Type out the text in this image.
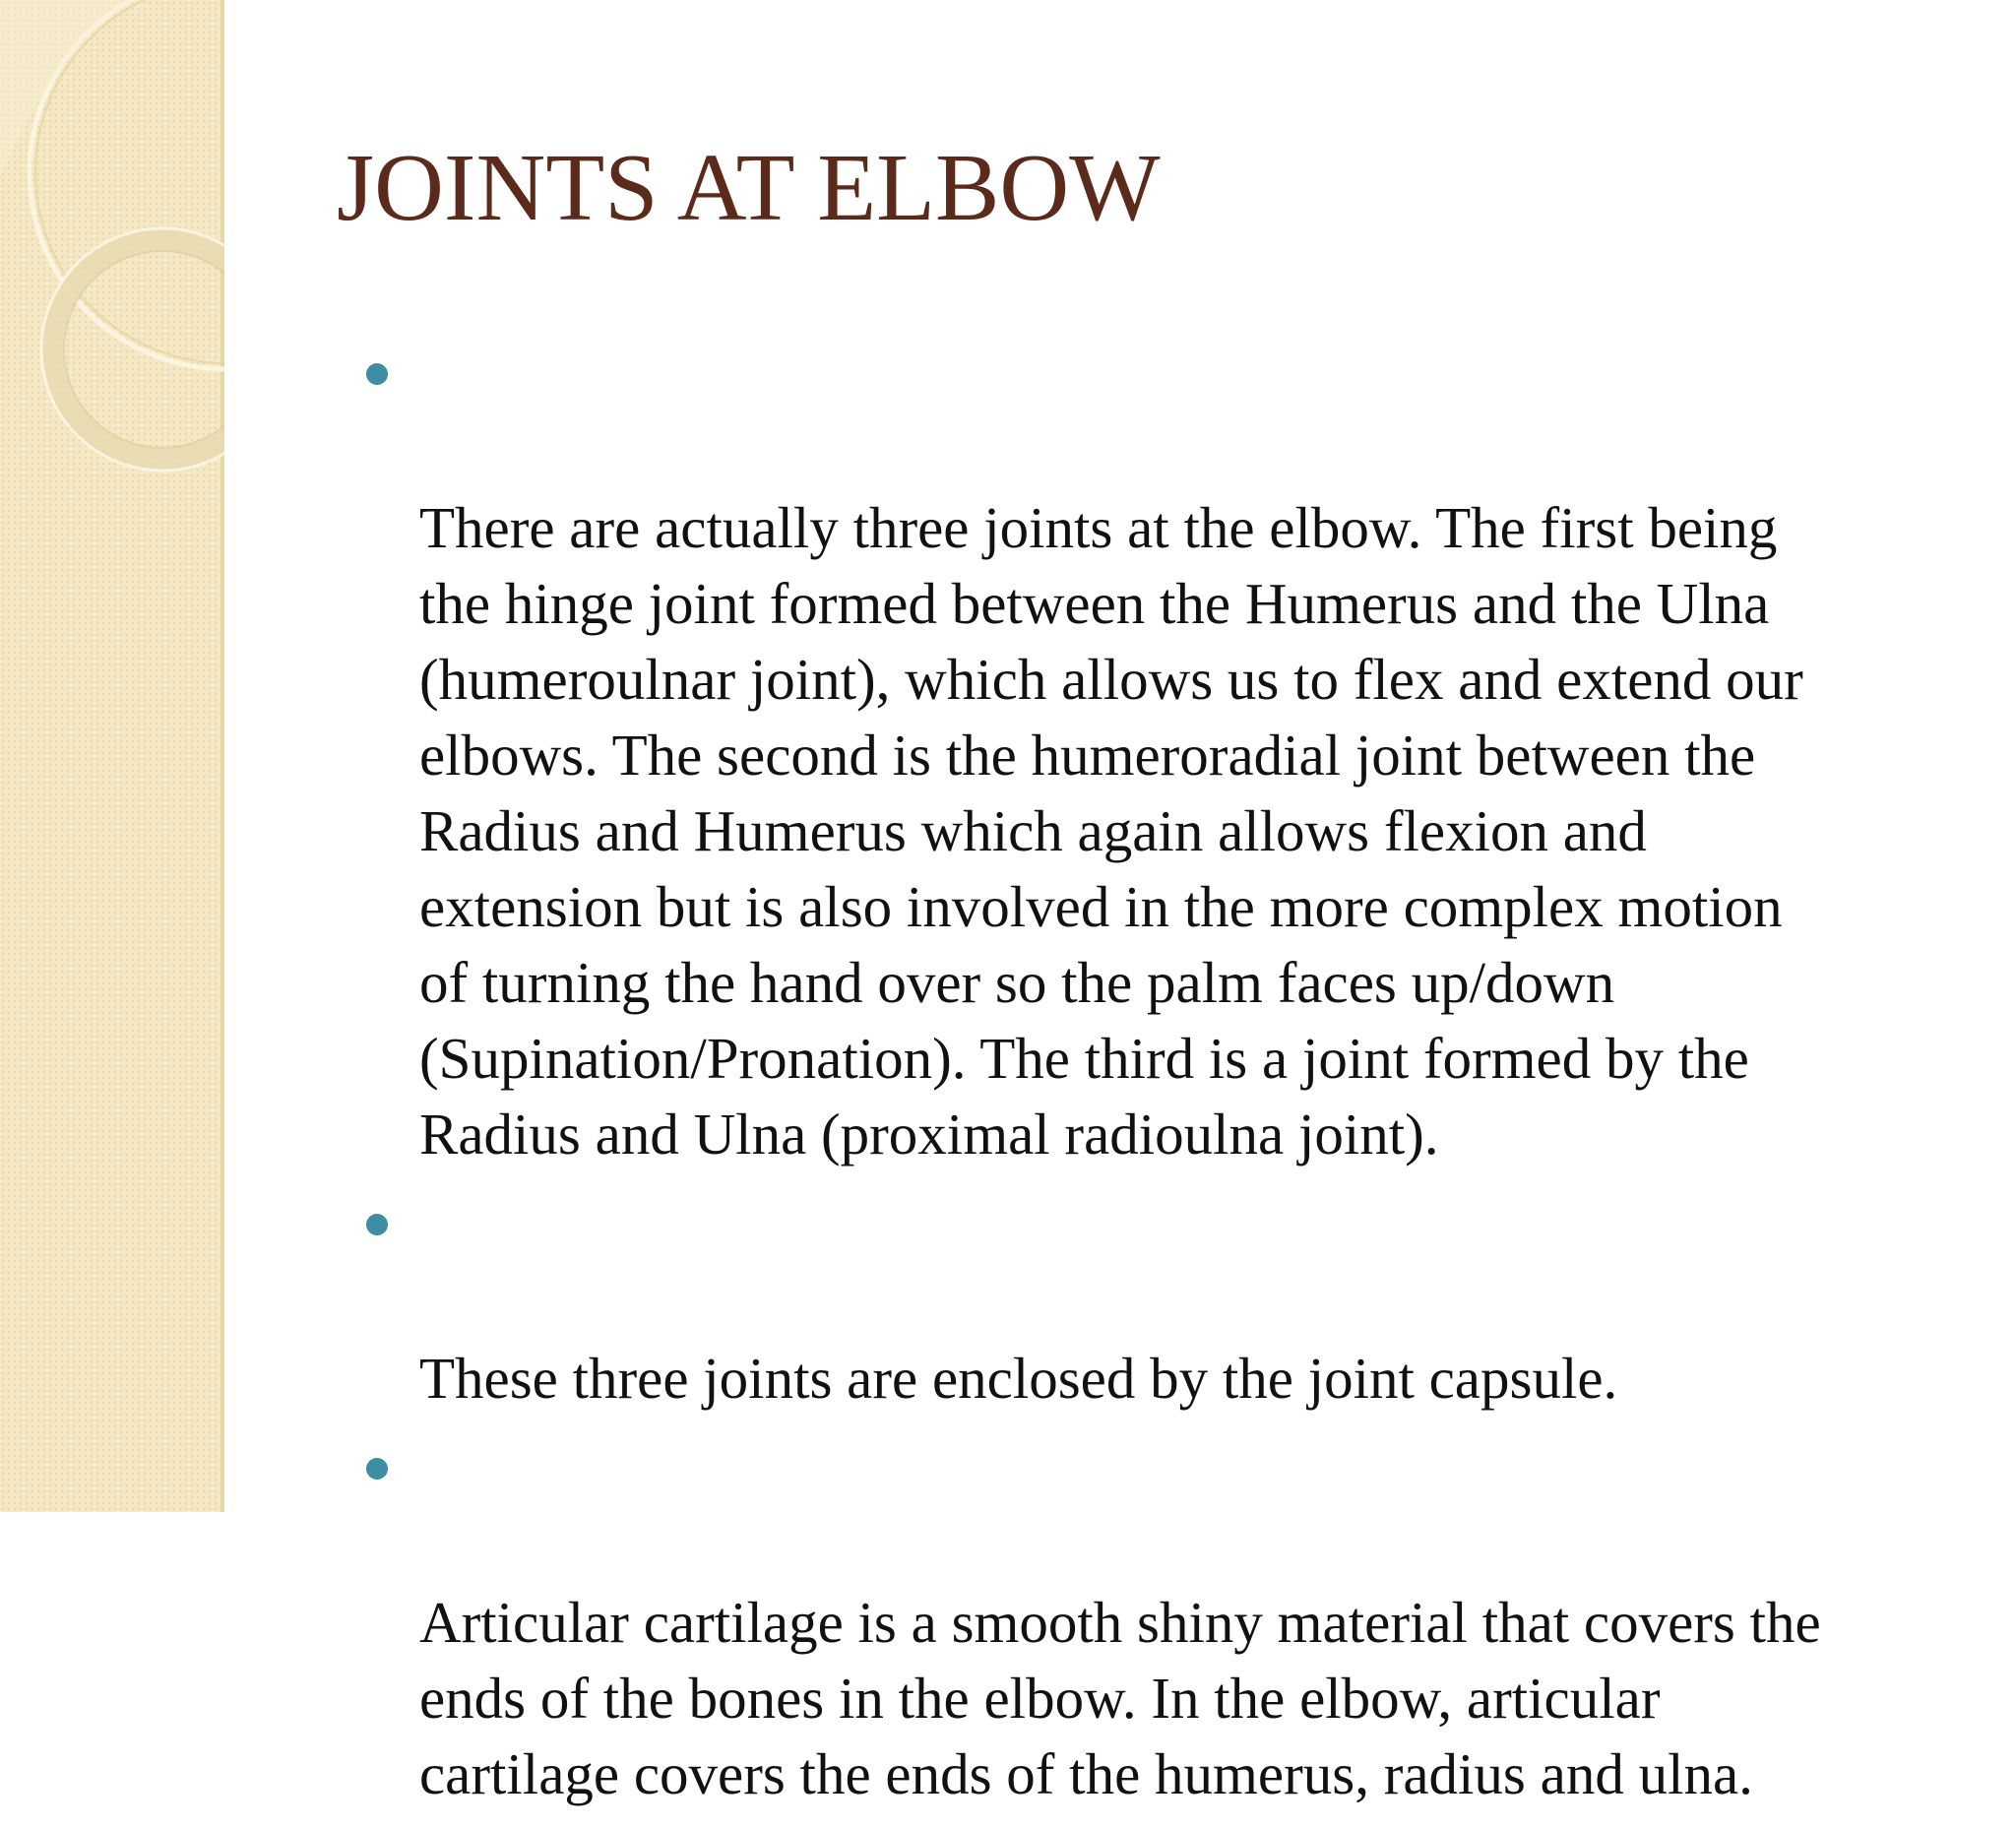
JOINTS AT ELBOW

There are actually three joints at the elbow. The first being
the hinge joint formed between the Humerus and the Ulna
(humeroulnar joint), which allows us to flex and extend our
elbows. The second is the humeroradial joint between the
Radius and Humerus which again allows flexion and
extension but is also involved in the more complex motion
of turning the hand over so the palm faces up/down
(Supination/Pronation). The third is a joint formed by the
Radius and Ulna (proximal radioulna joint).

These three joints are enclosed by the joint capsule.

Articular cartilage is a smooth shiny material that covers the
ends of the bones in the elbow. In the elbow, articular
cartilage covers the ends of the humerus, radius and ulna.
